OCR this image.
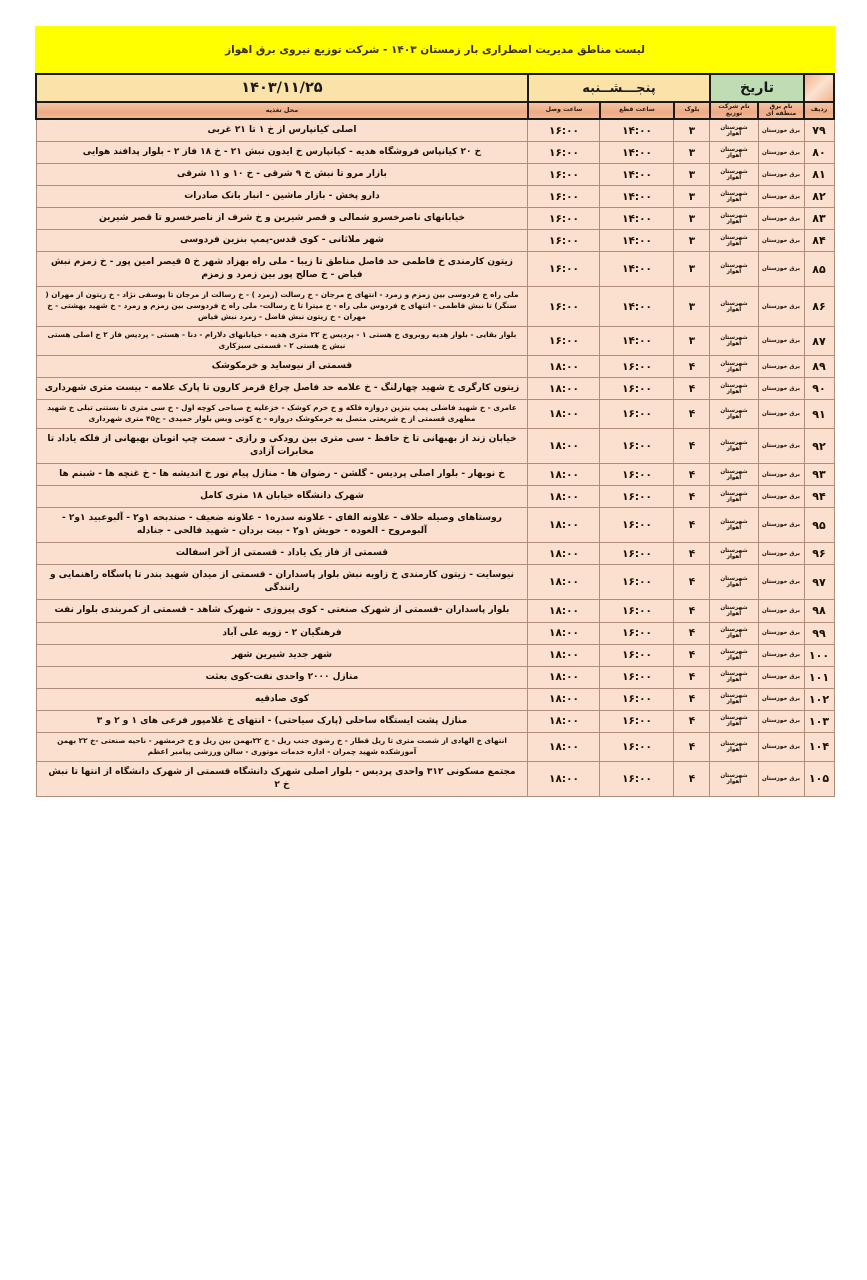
لیست مناطق مدیریت اضطراری بار زمستان ۱۴۰۳ - شرکت توزیع نیروی برق اهواز
	تاریخ		پنجـــشــنبه			۱۴۰۳/۱۱/۲۵
ردیف	نام برق منطقه ای	نام شرکت توزیع	بلوک	ساعت قطع	ساعت وصل	محل تغذیه
۷۹	برق خوزستان	شهرستان اهواز	۳	۱۴:۰۰	۱۶:۰۰	اصلی کیانپارس از خ ۱ تا ۲۱ غربی
۸۰	برق خوزستان	شهرستان اهواز	۳	۱۴:۰۰	۱۶:۰۰	خ ۲۰ کیانپاس فروشگاه هدیه - کیانپارس خ ایدون نبش ۲۱ - خ ۱۸ فاز ۲ - بلوار پدافند هوایی
۸۱	برق خوزستان	شهرستان اهواز	۳	۱۴:۰۰	۱۶:۰۰	بازار مرو تا نبش خ ۹ شرقی - خ ۱۰ و ۱۱ شرقی
۸۲	برق خوزستان	شهرستان اهواز	۳	۱۴:۰۰	۱۶:۰۰	دارو پخش - بازار ماشین - انبار بانک صادرات
۸۳	برق خوزستان	شهرستان اهواز	۳	۱۴:۰۰	۱۶:۰۰	خیابانهای ناصرخسرو شمالی و قصر شیرین و خ شرف از ناصرخسرو تا قصر شیرین
۸۴	برق خوزستان	شهرستان اهواز	۳	۱۴:۰۰	۱۶:۰۰	شهر ملاثانی - کوی قدس-پمپ بنزین فردوسی
۸۵	برق خوزستان	شهرستان اهواز	۳	۱۴:۰۰	۱۶:۰۰	زیتون کارمندی خ فاطمی حد فاصل مناطق تا زیبا - ملی راه بهزاد شهر خ ۵ قیصر امین پور - خ زمزم نبش فیاض - خ صالح پور بین زمرد و زمزم
۸۶	برق خوزستان	شهرستان اهواز	۳	۱۴:۰۰	۱۶:۰۰	ملی راه خ فردوسی بین زمزم و زمرد - انتهای خ مرجان - خ رسالت (زمرد ) - خ رسالت از مرجان تا یوسفی نژاد - خ زیتون از مهران ( سنگر) تا نبش فاطمی - انتهای خ فردوس ملی راه - خ میترا تا خ رسالت- ملی راه خ فردوسی بین زمزم و زمرد - خ شهید بهشتی - خ مهران - خ زیتون نبش فاضل - زمرد نبش فیاض
۸۷	برق خوزستان	شهرستان اهواز	۳	۱۴:۰۰	۱۶:۰۰	بلوار بقایی - بلوار هدیه روبروی خ هستی ۱ - پردیس خ ۲۲ متری هدیه - خیابانهای دلارام - دنا - هستی - پردیس فاز ۲ خ اصلی هستی نبش خ هستی ۲ - قسمتی سبزکاری
۸۹	برق خوزستان	شهرستان اهواز	۴	۱۶:۰۰	۱۸:۰۰	قسمتی از نیوساید و خرمکوشک
۹۰	برق خوزستان	شهرستان اهواز	۴	۱۶:۰۰	۱۸:۰۰	زیتون کارگری خ شهید چهارلنگ - خ علامه حد فاصل چراغ قرمز کارون تا پارک علامه - بیست متری شهرداری
۹۱	برق خوزستان	شهرستان اهواز	۴	۱۶:۰۰	۱۸:۰۰	عامری - خ شهید فاضلی پمپ بنزین دروازه فلکه و خ خرم کوشک - خزعلیه خ صباحی کوچه اول - خ سی متری تا بستنی تبلی خ شهید مطهری قسمتی از خ شریعتی متصل به خرمکوشک دروازه - خ کوتی وبس بلوار حمیدی - خ۴۵ متری شهرداری
۹۲	برق خوزستان	شهرستان اهواز	۴	۱۶:۰۰	۱۸:۰۰	خیابان زند از بهبهانی تا خ حافظ - سی متری بین رودکی و رازی - سمت چپ اتوبان بهبهانی از فلکه یاداد تا مخابرات آزادی
۹۳	برق خوزستان	شهرستان اهواز	۴	۱۶:۰۰	۱۸:۰۰	خ نوبهار - بلوار اصلی پردیس - گلشن - رضوان ها - منازل پیام نور خ اندیشه ها - خ غنچه ها - شبنم ها
۹۴	برق خوزستان	شهرستان اهواز	۴	۱۶:۰۰	۱۸:۰۰	شهرک دانشگاه خیابان ۱۸ متری کامل
۹۵	برق خوزستان	شهرستان اهواز	۴	۱۶:۰۰	۱۸:۰۰	روستاهای وصیله حلاف - علاونه الفای - علاونه سدره۱ - علاونه ضعیف - صندبحه ۱و۲ - آلبوعبید ۱و۲ - آلبومروح - العوده - حویش ۱و۲ - بیت بردان - شهید فالحی - جنادله
۹۶	برق خوزستان	شهرستان اهواز	۴	۱۶:۰۰	۱۸:۰۰	قسمتی از فاز یک یاداد - قسمتی از آخر اسفالت
۹۷	برق خوزستان	شهرستان اهواز	۴	۱۶:۰۰	۱۸:۰۰	نیوسایت - زیتون کارمندی خ زاویه نبش بلوار پاسداران - قسمتی از میدان شهید بندر تا پاسگاه راهنمایی و رانندگی
۹۸	برق خوزستان	شهرستان اهواز	۴	۱۶:۰۰	۱۸:۰۰	بلوار پاسداران -قسمتی از شهرک صنعتی - کوی پیروزی - شهرک شاهد - قسمتی از کمربندی بلوار نفت
۹۹	برق خوزستان	شهرستان اهواز	۴	۱۶:۰۰	۱۸:۰۰	فرهنگیان ۲ - زویه علی آباد
۱۰۰	برق خوزستان	شهرستان اهواز	۴	۱۶:۰۰	۱۸:۰۰	شهر جدید شیرین شهر
۱۰۱	برق خوزستان	شهرستان اهواز	۴	۱۶:۰۰	۱۸:۰۰	منازل ۲۰۰۰ واحدی نفت-کوی بعثت
۱۰۲	برق خوزستان	شهرستان اهواز	۴	۱۶:۰۰	۱۸:۰۰	کوی صادقیه
۱۰۳	برق خوزستان	شهرستان اهواز	۴	۱۶:۰۰	۱۸:۰۰	منازل پشت ایستگاه ساحلی (پارک سیاحتی) - انتهای خ غلامپور فرعی های ۱ و ۲ و ۳
۱۰۴	برق خوزستان	شهرستان اهواز	۴	۱۶:۰۰	۱۸:۰۰	انتهای خ الهادی از شصت متری تا ریل قطار - خ رضوی جنب ریل - خ ۲۲بهمن بین ریل و خ خرمشهر - ناحیه صنعتی -خ ۲۲ بهمن آموزشکده شهید چمران - اداره خدمات موتوری - سالن ورزشی پیامبر اعظم
۱۰۵	برق خوزستان	شهرستان اهواز	۴	۱۶:۰۰	۱۸:۰۰	مجتمع مسکونی ۳۱۲ واحدی پردیس - بلوار اصلی شهرک دانشگاه قسمتی از شهرک دانشگاه از انتها تا نبش خ ۲
